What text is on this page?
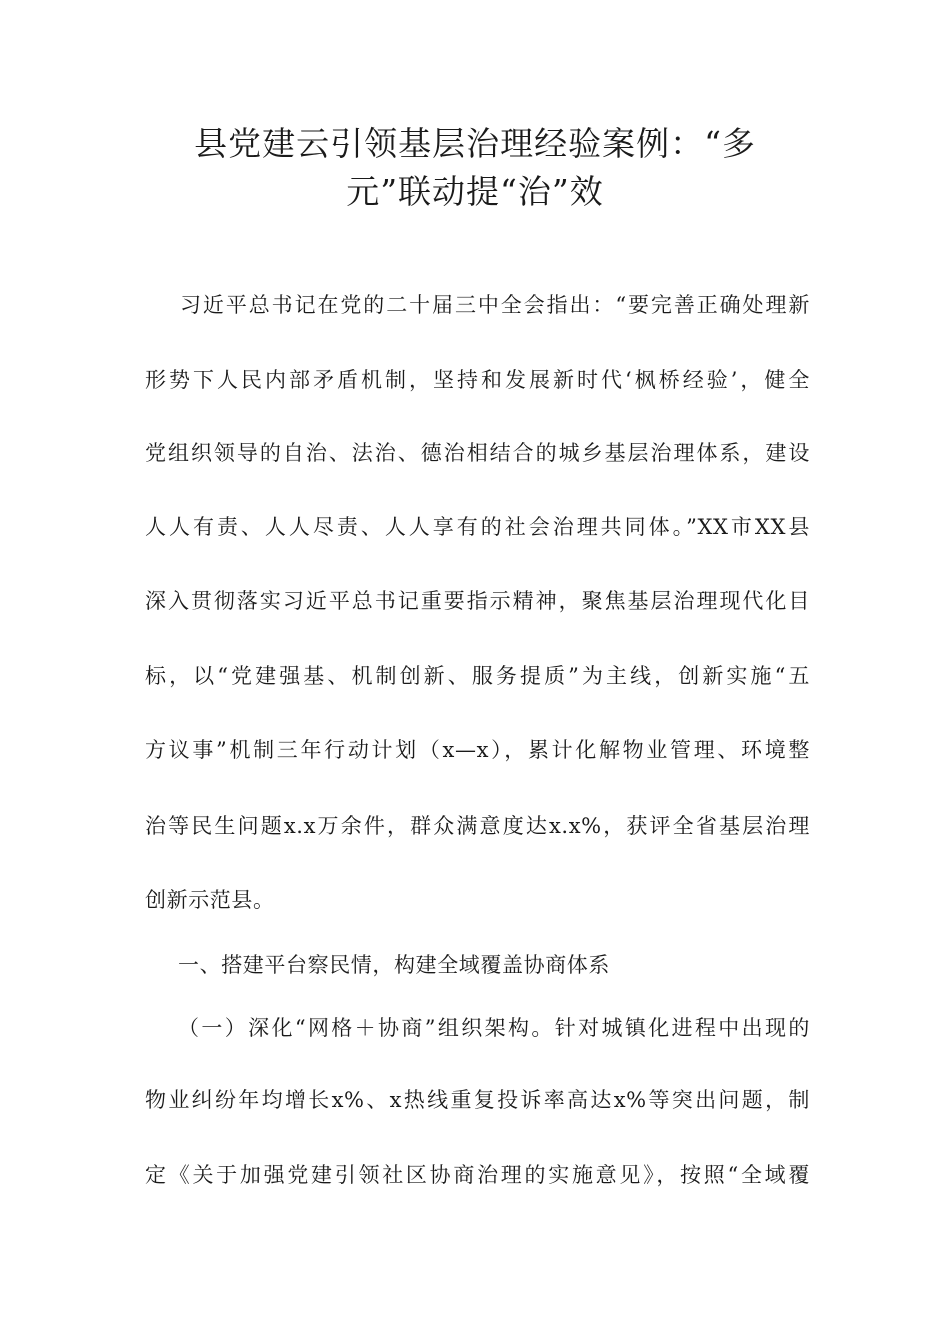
县党建云引领基层治理经验案例：“多
元”联动提“治”效
习近平总书记在党的二十届三中全会指出：“要完善正确处理新
形势下人民内部矛盾机制，坚持和发展新时代‘枫桥经验’，健全
党组织领导的自治、法治、德治相结合的城乡基层治理体系，建设
人人有责、人人尽责、人人享有的社会治理共同体。”XX市XX县
深入贯彻落实习近平总书记重要指示精神，聚焦基层治理现代化目
标，以“党建强基、机制创新、服务提质”为主线，创新实施“五
方议事”机制三年行动计划（x—x），累计化解物业管理、环境整
治等民生问题x.x万余件，群众满意度达x.x%，获评全省基层治理
创新示范县。
一、搭建平台察民情，构建全域覆盖协商体系
（一）深化“网格＋协商”组织架构。针对城镇化进程中出现的
物业纠纷年均增长x%、x热线重复投诉率高达x%等突出问题，制
定《关于加强党建引领社区协商治理的实施意见》，按照“全域覆
